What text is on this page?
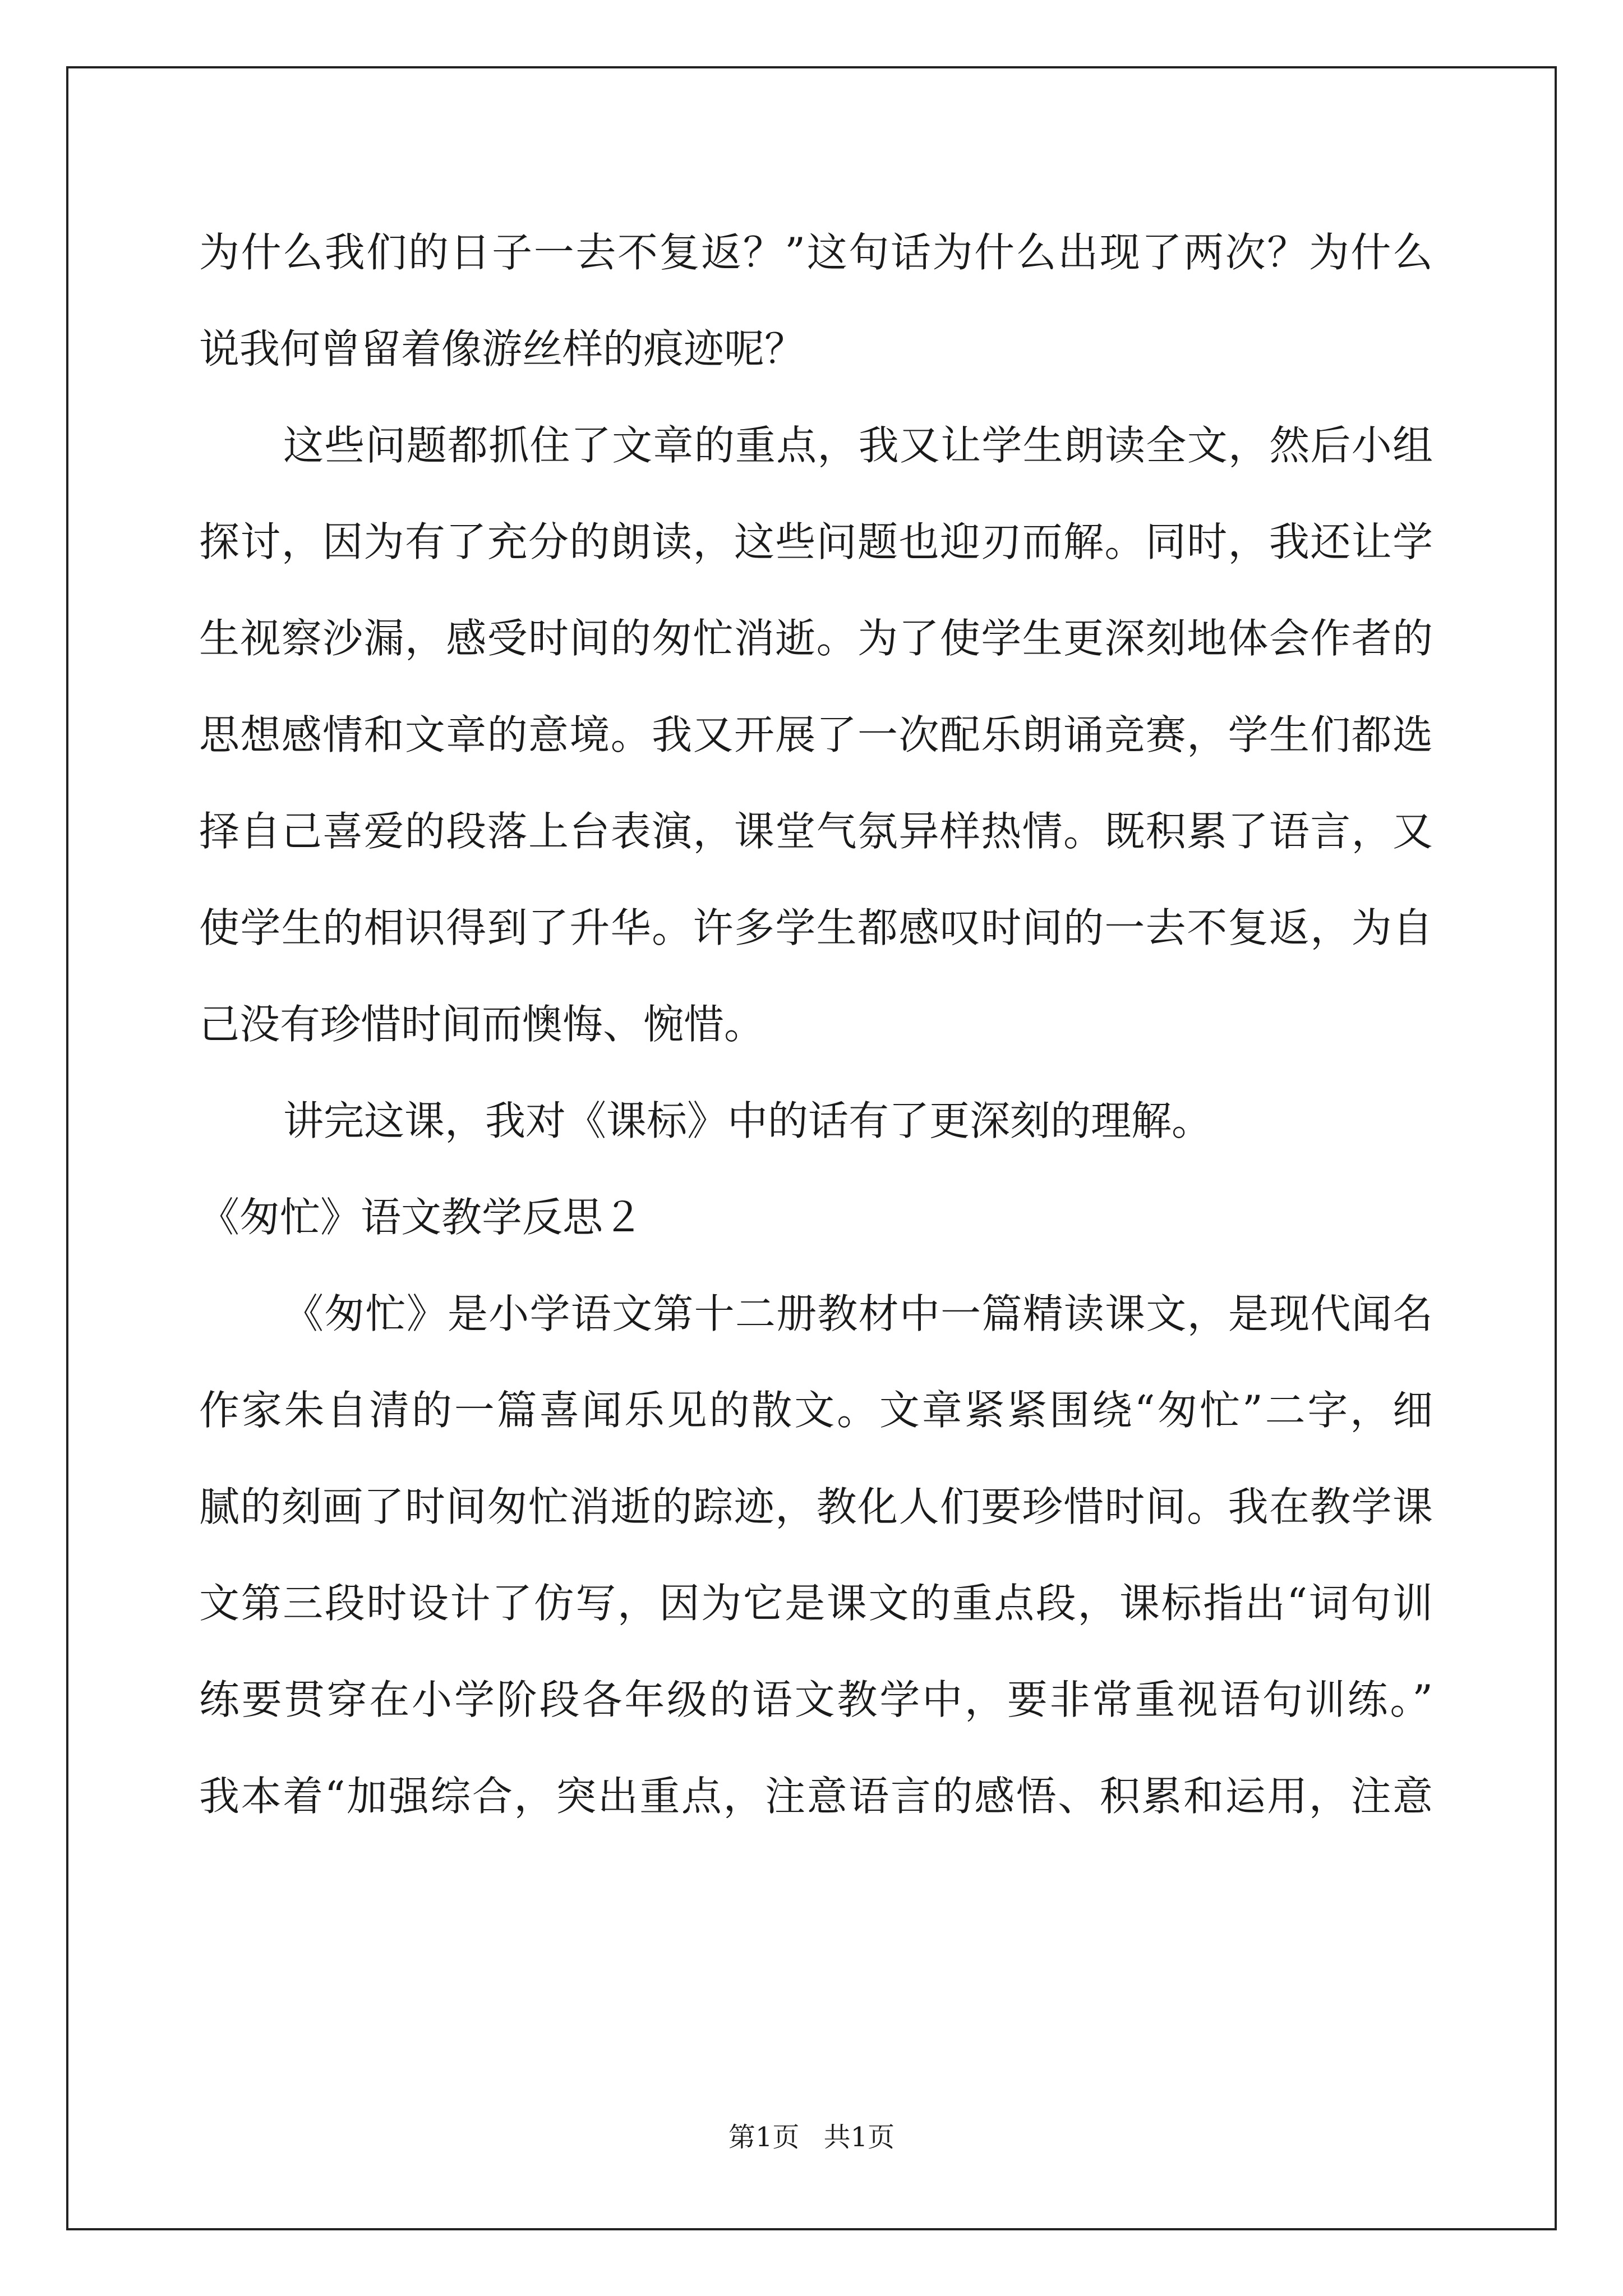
为什么我们的日子一去不复返？”这句话为什么出现了两次？为什么
说我何曾留着像游丝样的痕迹呢？
这些问题都抓住了文章的重点，我又让学生朗读全文，然后小组
探讨，因为有了充分的朗读，这些问题也迎刃而解。同时，我还让学
生视察沙漏，感受时间的匆忙消逝。为了使学生更深刻地体会作者的
思想感情和文章的意境。我又开展了一次配乐朗诵竞赛，学生们都选
择自己喜爱的段落上台表演，课堂气氛异样热情。既积累了语言，又
使学生的相识得到了升华。许多学生都感叹时间的一去不复返，为自
己没有珍惜时间而懊悔、惋惜。
讲完这课，我对《课标》中的话有了更深刻的理解。
《匆忙》语文教学反思２
《匆忙》是小学语文第十二册教材中一篇精读课文，是现代闻名
作家朱自清的一篇喜闻乐见的散文。文章紧紧围绕“匆忙”二字，细
腻的刻画了时间匆忙消逝的踪迹，教化人们要珍惜时间。我在教学课
文第三段时设计了仿写，因为它是课文的重点段，课标指出“词句训
练要贯穿在小学阶段各年级的语文教学中，要非常重视语句训练。”
我本着“加强综合，突出重点，注意语言的感悟、积累和运用，注意
第1页 共1页
